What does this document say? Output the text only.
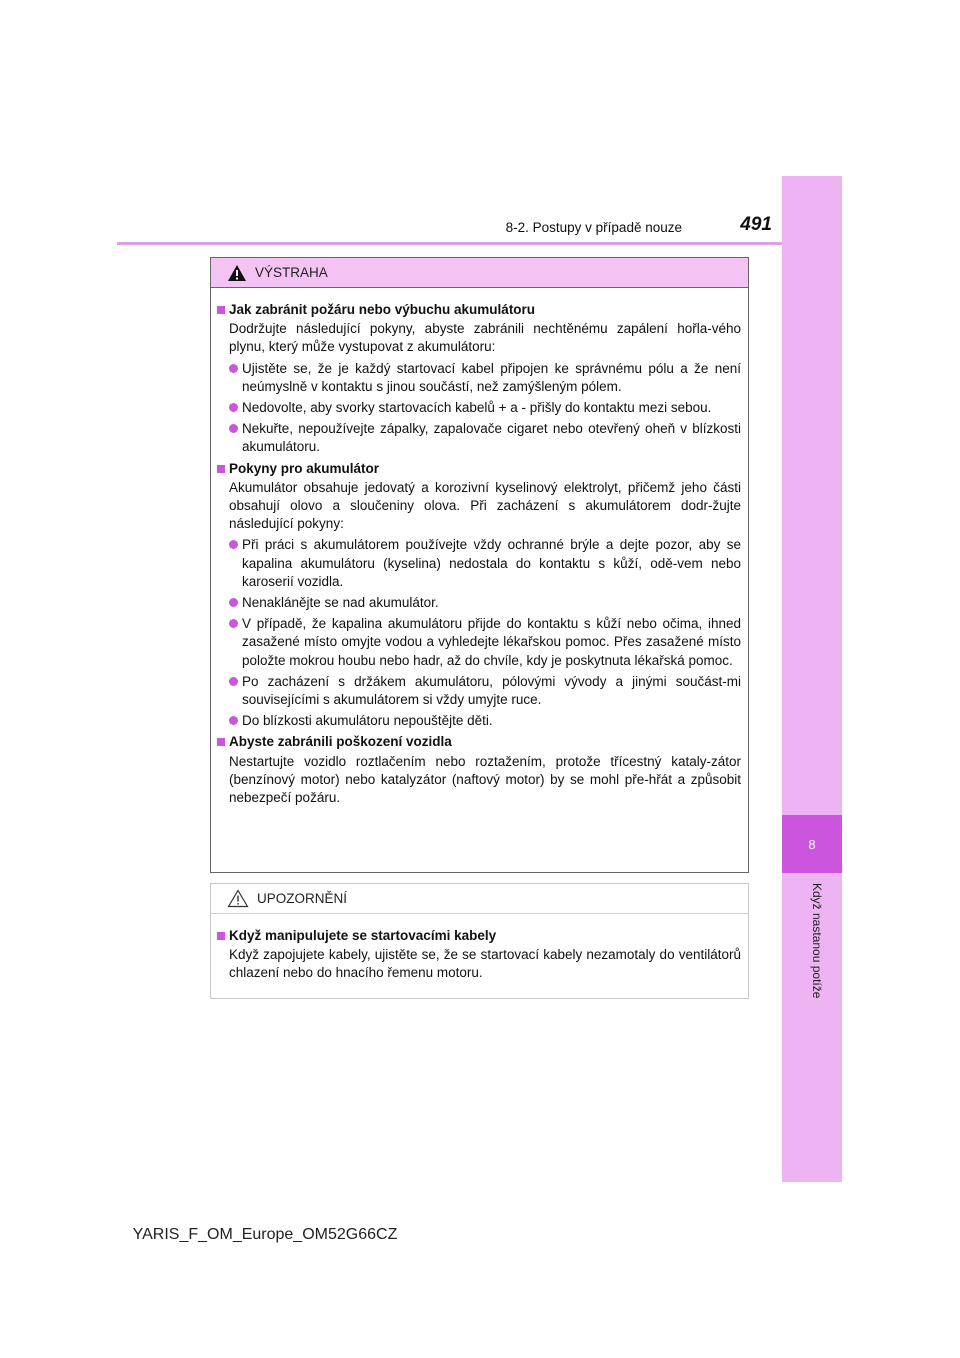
8
Když nastanou potíže
8-2. Postupy v případě nouze	491
VÝSTRAHA
Jak zabránit požáru nebo výbuchu akumulátoru
Dodržujte následující pokyny, abyste zabránili nechtěnému zapálení hořla-vého plynu, který může vystupovat z akumulátoru:
Ujistěte se, že je každý startovací kabel připojen ke správnému pólu a že není neúmyslně v kontaktu s jinou součástí, než zamýšleným pólem.
Nedovolte, aby svorky startovacích kabelů + a - přišly do kontaktu mezi sebou.
Nekuřte, nepoužívejte zápalky, zapalovače cigaret nebo otevřený oheň v blízkosti akumulátoru.
Pokyny pro akumulátor
Akumulátor obsahuje jedovatý a korozivní kyselinový elektrolyt, přičemž jeho části obsahují olovo a sloučeniny olova. Při zacházení s akumulátorem dodr-žujte následující pokyny:
Při práci s akumulátorem používejte vždy ochranné brýle a dejte pozor, aby se kapalina akumulátoru (kyselina) nedostala do kontaktu s kůží, odě-vem nebo karoserií vozidla.
Nenaklánějte se nad akumulátor.
V případě, že kapalina akumulátoru přijde do kontaktu s kůží nebo očima, ihned zasažené místo omyjte vodou a vyhledejte lékařskou pomoc. Přes zasažené místo položte mokrou houbu nebo hadr, až do chvíle, kdy je poskytnuta lékařská pomoc.
Po zacházení s držákem akumulátoru, pólovými vývody a jinými součást-mi souvisejícími s akumulátorem si vždy umyjte ruce.
Do blízkosti akumulátoru nepouštějte děti.
Abyste zabránili poškození vozidla
Nestartujte vozidlo roztlačením nebo roztažením, protože třícestný kataly-zátor (benzínový motor) nebo katalyzátor (naftový motor) by se mohl pře-hřát a způsobit nebezpečí požáru.
UPOZORNĚNÍ
Když manipulujete se startovacími kabely
Když zapojujete kabely, ujistěte se, že se startovací kabely nezamotaly do ventilátorů chlazení nebo do hnacího řemenu motoru.
YARIS_F_OM_Europe_OM52G66CZ
